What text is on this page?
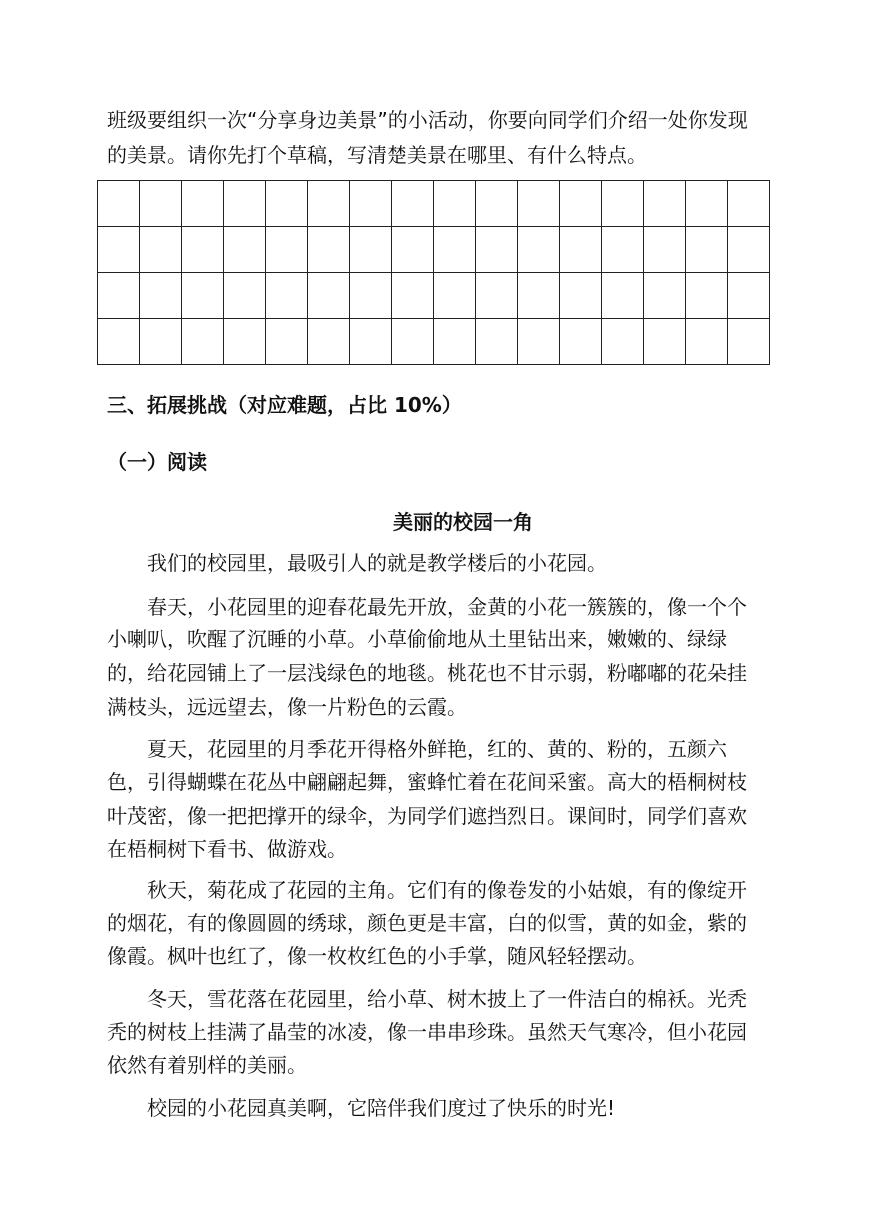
班级要组织一次“分享身边美景”的小活动，你要向同学们介绍一处你发现
的美景。请你先打个草稿，写清楚美景在哪里、有什么特点。

三、拓展挑战（对应难题，占比 10%）
（一）阅读
美丽的校园一角
我们的校园里，最吸引人的就是教学楼后的小花园。
春天，小花园里的迎春花最先开放，金黄的小花一簇簇的，像一个个
小喇叭，吹醒了沉睡的小草。小草偷偷地从土里钻出来，嫩嫩的、绿绿
的，给花园铺上了一层浅绿色的地毯。桃花也不甘示弱，粉嘟嘟的花朵挂
满枝头，远远望去，像一片粉色的云霞。
夏天，花园里的月季花开得格外鲜艳，红的、黄的、粉的，五颜六
色，引得蝴蝶在花丛中翩翩起舞，蜜蜂忙着在花间采蜜。高大的梧桐树枝
叶茂密，像一把把撑开的绿伞，为同学们遮挡烈日。课间时，同学们喜欢
在梧桐树下看书、做游戏。
秋天，菊花成了花园的主角。它们有的像卷发的小姑娘，有的像绽开
的烟花，有的像圆圆的绣球，颜色更是丰富，白的似雪，黄的如金，紫的
像霞。枫叶也红了，像一枚枚红色的小手掌，随风轻轻摆动。
冬天，雪花落在花园里，给小草、树木披上了一件洁白的棉袄。光秃
秃的树枝上挂满了晶莹的冰凌，像一串串珍珠。虽然天气寒冷，但小花园
依然有着别样的美丽。
校园的小花园真美啊，它陪伴我们度过了快乐的时光!
